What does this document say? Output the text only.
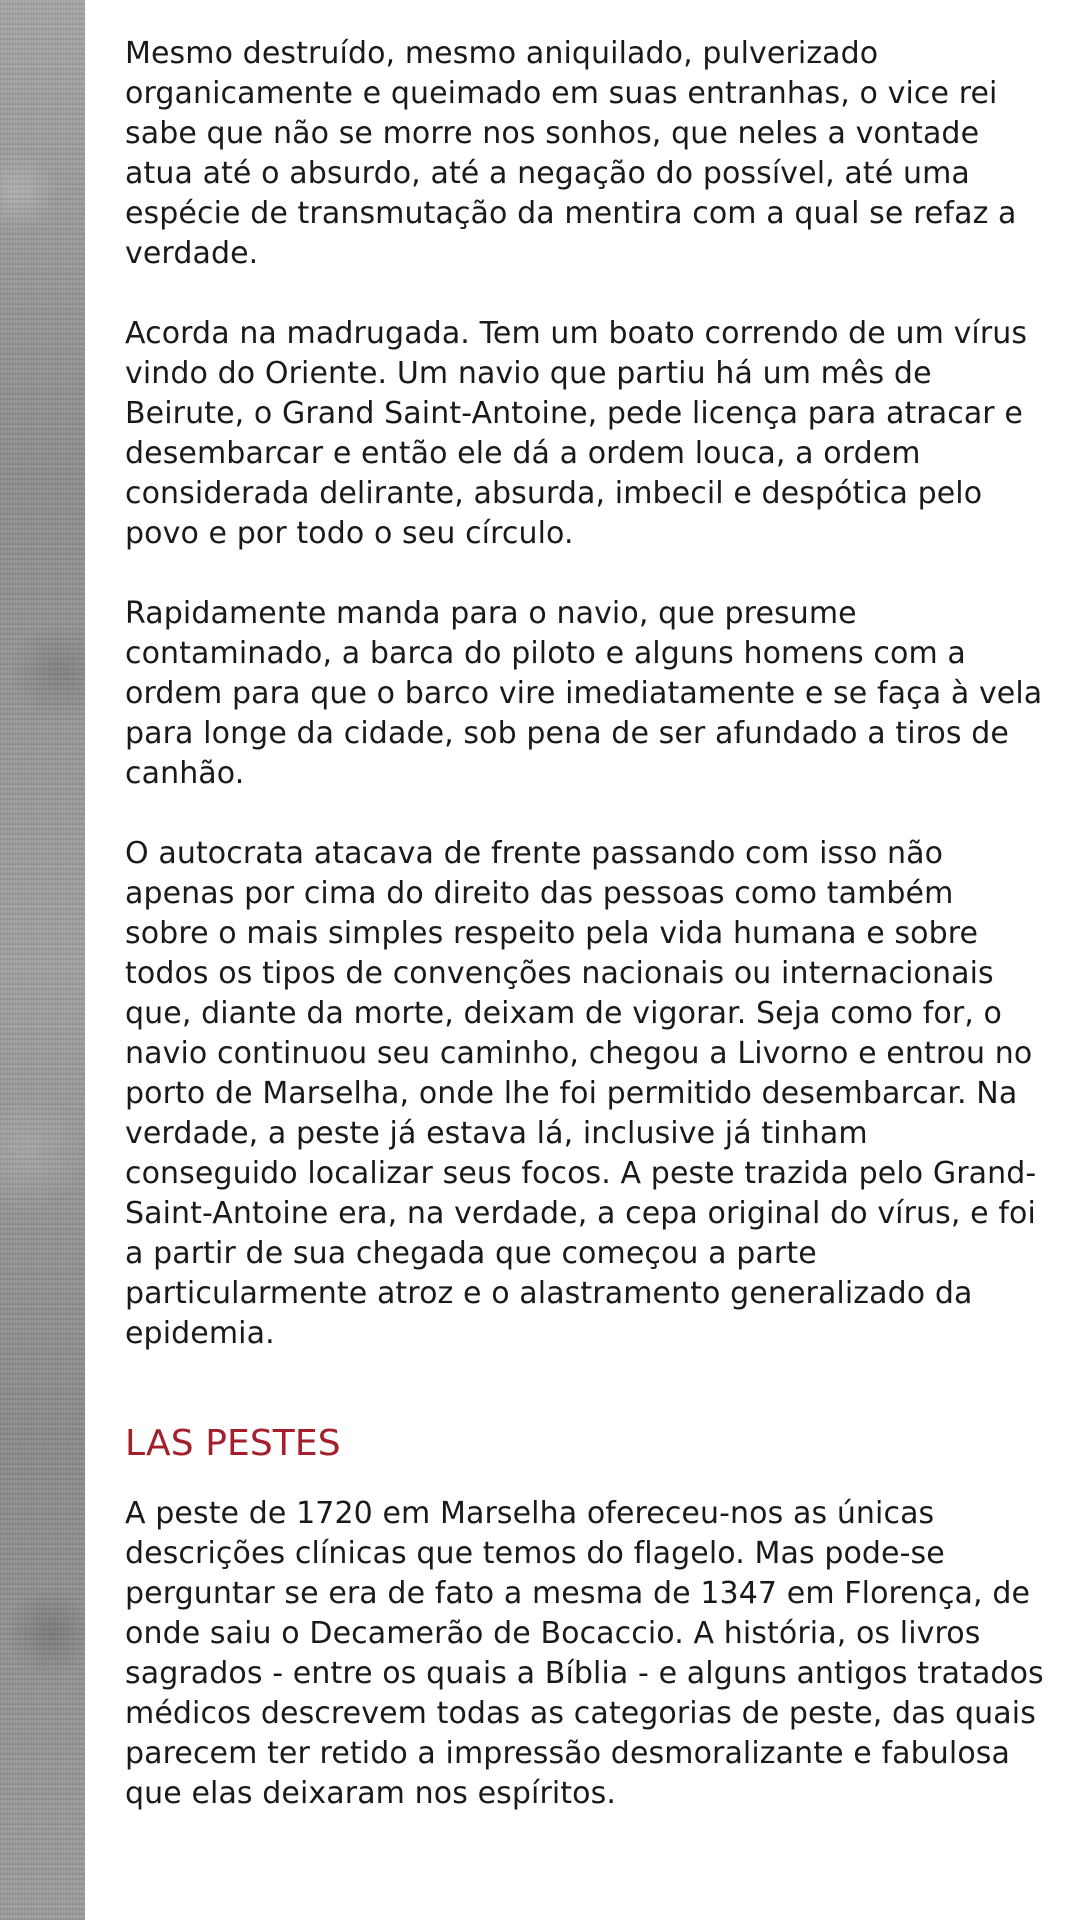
Mesmo destruído, mesmo aniquilado, pulverizado organicamente e queimado em suas entranhas, o vice rei sabe que não se morre nos sonhos, que neles a vontade atua até o absurdo, até a negação do possível, até uma espécie de transmutação da mentira com a qual se refaz a verdade.

Acorda na madrugada. Tem um boato correndo de um vírus vindo do Oriente. Um navio que partiu há um mês de Beirute, o Grand Saint-Antoine, pede licença para atracar e desembarcar e então ele dá a ordem louca, a ordem considerada delirante, absurda, imbecil e despótica pelo povo e por todo o seu círculo.

Rapidamente manda para o navio, que presume contaminado, a barca do piloto e alguns homens com a ordem para que o barco vire imediatamente e se faça à vela para longe da cidade, sob pena de ser afundado a tiros de canhão.

O autocrata atacava de frente passando com isso não apenas por cima do direito das pessoas como também sobre o mais simples respeito pela vida humana e sobre todos os tipos de convenções nacionais ou internacionais que, diante da morte, deixam de vigorar. Seja como for, o navio continuou seu caminho, chegou a Livorno e entrou no porto de Marselha, onde lhe foi permitido desembarcar. Na verdade, a peste já estava lá, inclusive já tinham conseguido localizar seus focos. A peste trazida pelo Grand-Saint-Antoine era, na verdade, a cepa original do vírus, e foi a partir de sua chegada que começou a parte particularmente atroz e o alastramento generalizado da epidemia.

LAS PESTES

A peste de 1720 em Marselha ofereceu-nos as únicas descrições clínicas que temos do flagelo. Mas pode-se perguntar se era de fato a mesma de 1347 em Florença, de onde saiu o Decamerão de Bocaccio. A história, os livros sagrados - entre os quais a Bíblia - e alguns antigos tratados médicos descrevem todas as categorias de peste, das quais parecem ter retido a impressão desmoralizante e fabulosa que elas deixaram nos espíritos.
